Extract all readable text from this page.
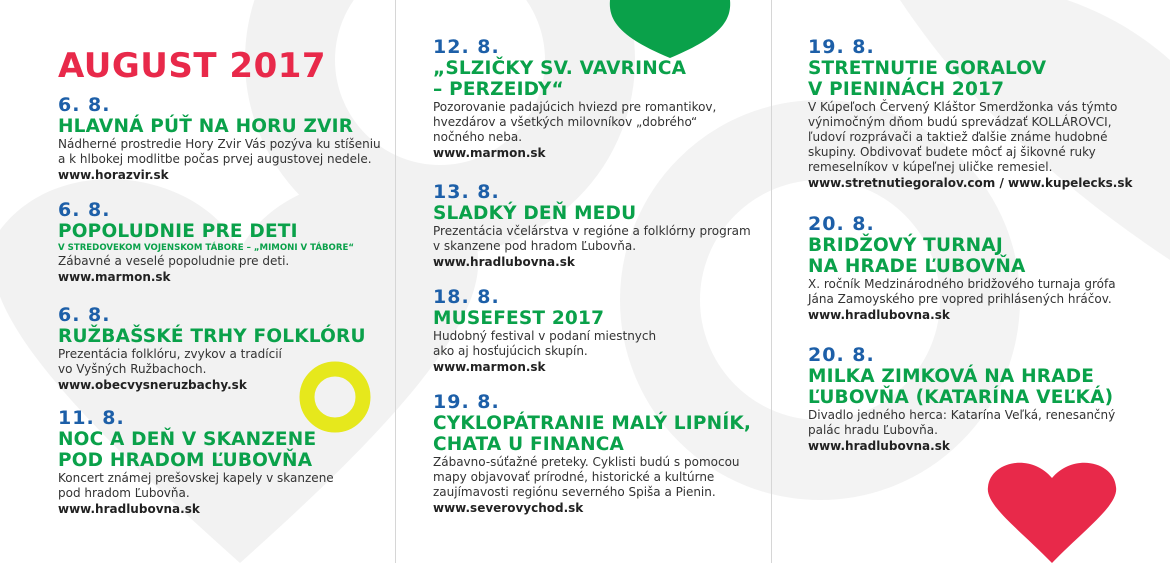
AUGUST 2017
6. 8.
HLAVNÁ PÚŤ NA HORU ZVIR
Nádherné prostredie Hory Zvir Vás pozýva ku stíšeniu
a k hlbokej modlitbe počas prvej augustovej nedele.
www.horazvir.sk
6. 8.
POPOLUDNIE PRE DETI
V STREDOVEKOM VOJENSKOM TÁBORE – „MIMONI V TÁBORE“
Zábavné a veselé popoludnie pre deti.
www.marmon.sk
6. 8.
RUŽBAŠSKÉ TRHY FOLKLÓRU
Prezentácia folklóru, zvykov a tradícií
vo Vyšných Ružbachoch.
www.obecvysneruzbachy.sk
11. 8.
NOC A DEŇ V SKANZENE
POD HRADOM ĽUBOVŇA
Koncert známej prešovskej kapely v skanzene
pod hradom Ľubovňa.
www.hradlubovna.sk
12. 8.
„SLZIČKY SV. VAVRINCA
– PERZEIDY“
Pozorovanie padajúcich hviezd pre romantikov,
hvezdárov a všetkých milovníkov „dobrého“
nočného neba.
www.marmon.sk
13. 8.
SLADKÝ DEŇ MEDU
Prezentácia včelárstva v regióne a folklórny program
v skanzene pod hradom Ľubovňa.
www.hradlubovna.sk
18. 8.
MUSEFEST 2017
Hudobný festival v podaní miestnych
ako aj hosťujúcich skupín.
www.marmon.sk
19. 8.
CYKLOPÁTRANIE MALÝ LIPNÍK,
CHATA U FINANCA
Zábavno-súťažné preteky. Cyklisti budú s pomocou
mapy objavovať prírodné, historické a kultúrne
zaujímavosti regiónu severného Spiša a Pienin.
www.severovychod.sk
19. 8.
STRETNUTIE GORALOV
V PIENINÁCH 2017
V Kúpeľoch Červený Kláštor Smerdžonka vás týmto
výnimočným dňom budú sprevádzať KOLLÁROVCI,
ľudoví rozprávači a taktiež ďalšie známe hudobné
skupiny. Obdivovať budete môcť aj šikovné ruky
remeselníkov v kúpeľnej uličke remesiel.
www.stretnutiegoralov.com / www.kupelecks.sk
20. 8.
BRIDŽOVÝ TURNAJ
NA HRADE ĽUBOVŇA
X. ročník Medzinárodného bridžového turnaja grófa
Jána Zamoyského pre vopred prihlásených hráčov.
www.hradlubovna.sk
20. 8.
MILKA ZIMKOVÁ NA HRADE
ĽUBOVŇA (KATARÍNA VEĽKÁ)
Divadlo jedného herca: Katarína Veľká, renesančný
palác hradu Ľubovňa.
www.hradlubovna.sk
